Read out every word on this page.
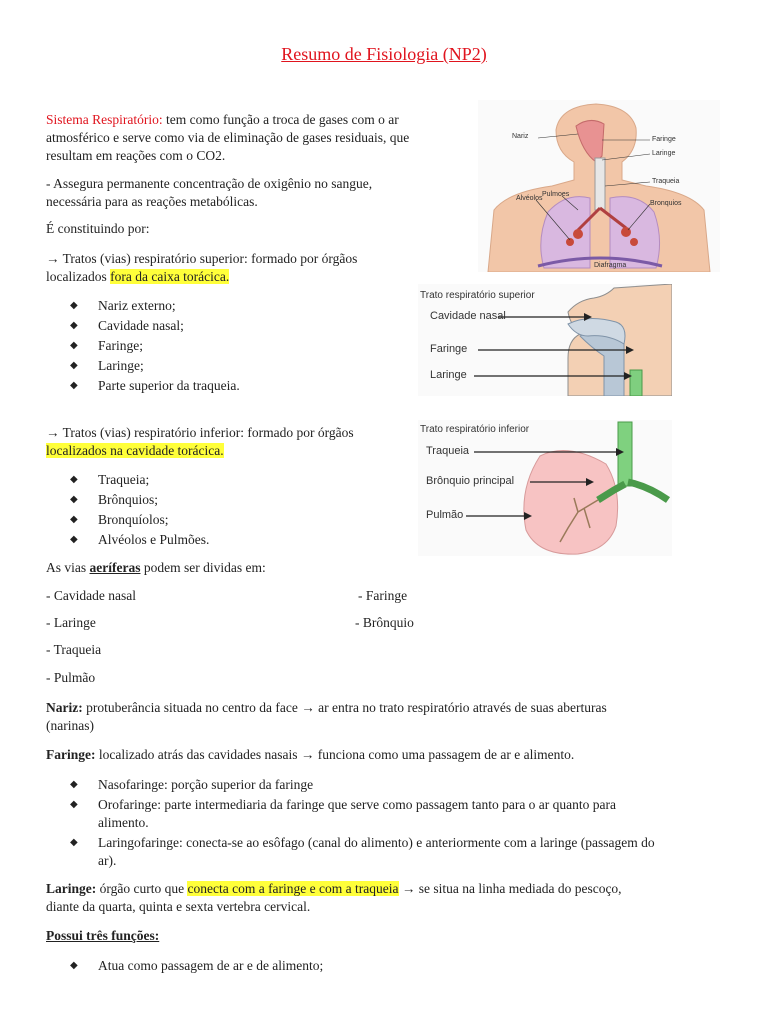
Resumo de Fisiologia (NP2)
Sistema Respiratório: tem como função a troca de gases com o ar
atmosférico e serve como via de eliminação de gases residuais, que
resultam em reações com o CO2.
- Assegura permanente concentração de oxigênio no sangue,
necessária para as reações metabólicas.
É constituindo por:
→ Tratos (vias) respiratório superior: formado por órgãos
localizados fora da caixa torácica.
◆ Nariz externo;
◆ Cavidade nasal;
◆ Faringe;
◆ Laringe;
◆ Parte superior da traqueia.
→ Tratos (vias) respiratório inferior: formado por órgãos
localizados na cavidade torácica.
◆ Traqueia;
◆ Brônquios;
◆ Bronquíolos;
◆ Alvéolos e Pulmões.
As vias aeríferas podem ser dividas em:
- Cavidade nasal
- Laringe
- Traqueia
- Pulmão
- Faringe
- Brônquio
Nariz: protuberância situada no centro da face → ar entra no trato respiratório através de suas aberturas
(narinas)
Faringe: localizado atrás das cavidades nasais → funciona como uma passagem de ar e alimento.
◆ Nasofaringe: porção superior da faringe
◆ Orofaringe: parte intermediaria da faringe que serve como passagem tanto para o ar quanto para
alimento.
◆ Laringofaringe: conecta-se ao esôfago (canal do alimento) e anteriormente com a laringe (passagem do
ar).
Laringe: órgão curto que conecta com a faringe e com a traqueia → se situa na linha mediada do pescoço,
diante da quarta, quinta e sexta vertebra cervical.
Possui três funções:
◆ Atua como passagem de ar e de alimento;
Nariz	Faringe
Laringe
Traqueia
Pulmoes
Alvéolos
Bronquios
Diafragma
Trato respiratório superior
Cavidade nasal
Faringe
Laringe
Trato respiratório inferior
Traqueia
Brônquio principal
Pulmão
